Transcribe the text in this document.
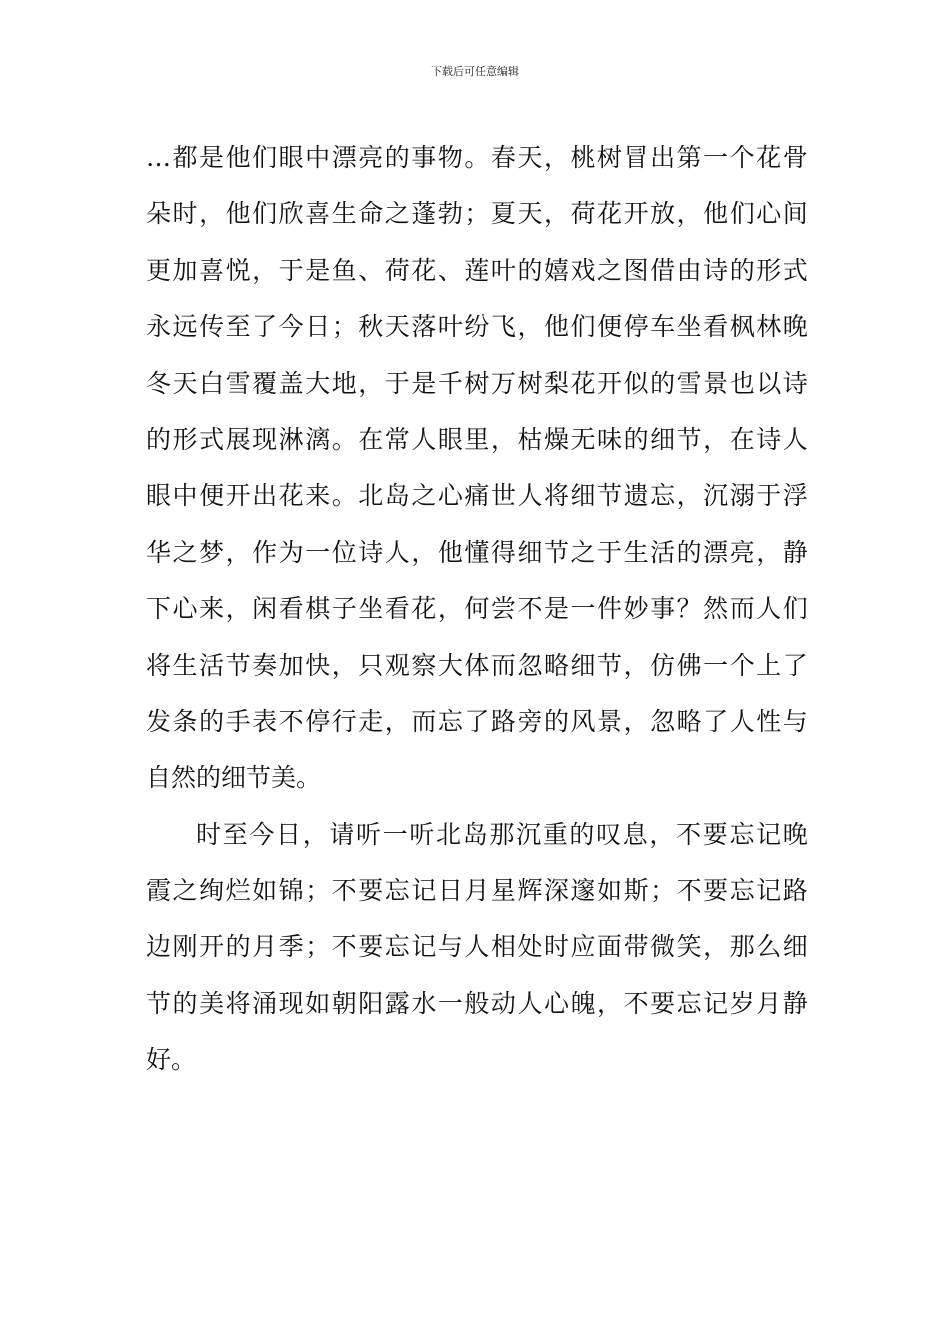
下载后可任意编辑
… 都 是 他 们 眼 中 漂 亮 的 事 物 。 春 天 ， 桃 树 冒 出 第 一 个 花 骨
朵 时 ， 他 们 欣 喜 生 命 之 蓬 勃 ； 夏 天 ， 荷 花 开 放 ， 他 们 心 间
更 加 喜 悦 ， 于 是 鱼 、 荷 花 、 莲 叶 的 嬉 戏 之 图 借 由 诗 的 形 式
永 远 传 至 了 今 日 ； 秋 天 落 叶 纷 飞 ， 他 们 便 停 车 坐 看 枫 林 晚
冬 天 白 雪 覆 盖 大 地 ， 于 是 千 树 万 树 梨 花 开 似 的 雪 景 也 以 诗
的 形 式 展 现 淋 漓 。 在 常 人 眼 里 ， 枯 燥 无 味 的 细 节 ， 在 诗 人
眼 中 便 开 出 花 来 。 北 岛 之 心 痛 世 人 将 细 节 遗 忘 ， 沉 溺 于 浮
华 之 梦 ， 作 为 一 位 诗 人 ， 他 懂 得 细 节 之 于 生 活 的 漂 亮 ， 静
下 心 来 ， 闲 看 棋 子 坐 看 花 ， 何 尝 不 是 一 件 妙 事 ？ 然 而 人 们
将 生 活 节 奏 加 快 ， 只 观 察 大 体 而 忽 略 细 节 ， 仿 佛 一 个 上 了
发 条 的 手 表 不 停 行 走 ， 而 忘 了 路 旁 的 风 景 ， 忽 略 了 人 性 与
自然的细节美。
时 至 今 日 ， 请 听 一 听 北 岛 那 沉 重 的 叹 息 ， 不 要 忘 记 晚
霞 之 绚 烂 如 锦 ； 不 要 忘 记 日 月 星 辉 深 邃 如 斯 ； 不 要 忘 记 路
边 刚 开 的 月 季 ； 不 要 忘 记 与 人 相 处 时 应 面 带 微 笑 ， 那 么 细
节 的 美 将 涌 现 如 朝 阳 露 水 一 般 动 人 心 魄 ， 不 要 忘 记 岁 月 静
好。
